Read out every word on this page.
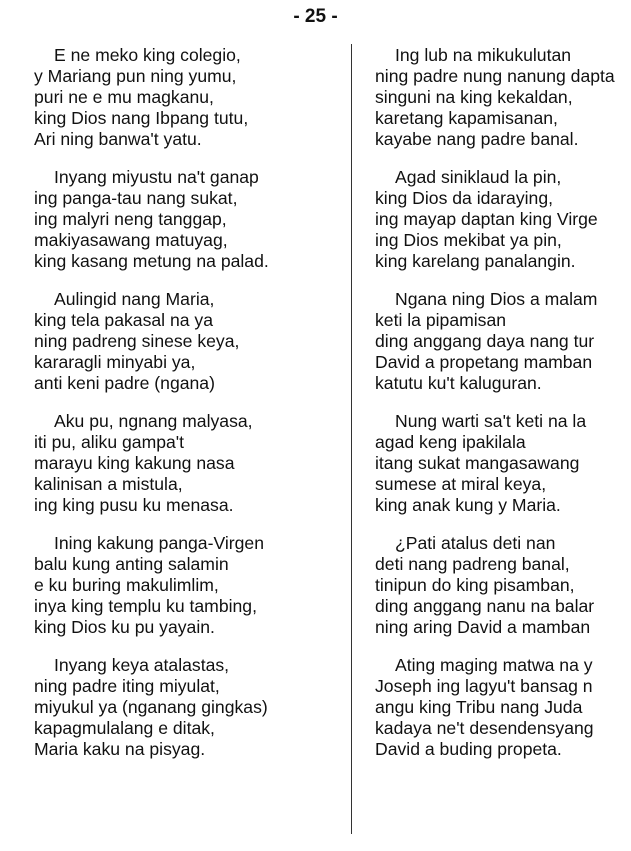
- 25 -
E ne meko king colegio,
y Mariang pun ning yumu,
puri ne e mu magkanu,
king Dios nang Ibpang tutu,
Ari ning banwa't yatu.
Inyang miyustu na't ganap
ing panga-tau nang sukat,
ing malyri neng tanggap,
makiyasawang matuyag,
king kasang metung na palad.
Aulingid nang Maria,
king tela pakasal na ya
ning padreng sinese keya,
kararagli minyabi ya,
anti keni padre (ngana)
Aku pu, ngnang malyasa,
iti pu, aliku gampa't
marayu king kakung nasa
kalinisan a mistula,
ing king pusu ku menasa.
Ining kakung panga-Virgen
balu kung anting salamin
e ku buring makulimlim,
inya king templu ku tambing,
king Dios ku pu yayain.
Inyang keya atalastas,
ning padre iting miyulat,
miyukul ya (nganang gingkas)
kapagmulalang e ditak,
Maria kaku na pisyag.
Ing lub na mikukulutan
ning padre nung nanung dapta
singuni na king kekaldan,
karetang kapamisanan,
kayabe nang padre banal.
Agad siniklaud la pin,
king Dios da idaraying,
ing mayap daptan king Virge
ing Dios mekibat ya pin,
king karelang panalangin.
Ngana ning Dios a malam
keti la pipamisan
ding anggang daya nang tur
David a propetang mamban
katutu ku't kaluguran.
Nung warti sa't keti na la
agad keng ipakilala
itang sukat mangasawang
sumese at miral keya,
king anak kung y Maria.
¿Pati atalus deti nan
deti nang padreng banal,
tinipun do king pisamban,
ding anggang nanu na balar
ning aring David a mamban
Ating maging matwa na y
Joseph ing lagyu't bansag n
angu king Tribu nang Juda
kadaya ne't desendensyang
David a buding propeta.
